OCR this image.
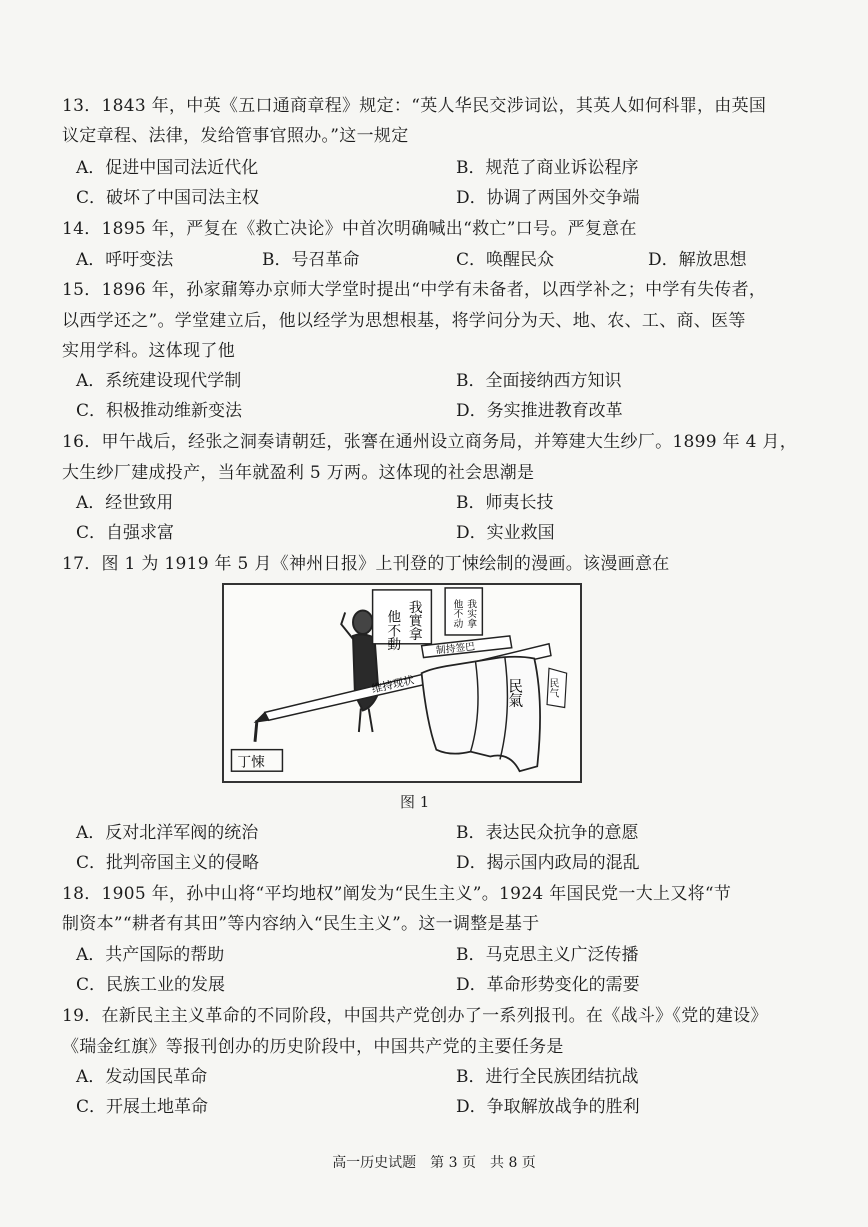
13．1843 年，中英《五口通商章程》规定：“英人华民交涉词讼，其英人如何科罪，由英国
议定章程、法律，发给管事官照办。”这一规定
A．促进中国司法近代化	B．规范了商业诉讼程序
C．破坏了中国司法主权	D．协调了两国外交争端
14．1895 年，严复在《救亡决论》中首次明确喊出“救亡”口号。严复意在
A．呼吁变法	B．号召革命	C．唤醒民众	D．解放思想
15．1896 年，孙家鼐筹办京师大学堂时提出“中学有未备者，以西学补之；中学有失传者，
以西学还之”。学堂建立后，他以经学为思想根基，将学问分为天、地、农、工、商、医等
实用学科。这体现了他
A．系统建设现代学制	B．全面接纳西方知识
C．积极推动维新变法	D．务实推进教育改革
16．甲午战后，经张之洞奏请朝廷，张謇在通州设立商务局，并筹建大生纱厂。1899 年 4 月，
大生纱厂建成投产，当年就盈利 5 万两。这体现的社会思潮是
A．经世致用	B．师夷长技
C．自强求富	D．实业救国
17．图 1 为 1919 年 5 月《神州日报》上刊登的丁悚绘制的漫画。该漫画意在
他不動 我實拿	他不动 我实拿
制持签巴
维持现状	民氣 民气
丁悚
图 1
A．反对北洋军阀的统治	B．表达民众抗争的意愿
C．批判帝国主义的侵略	D．揭示国内政局的混乱
18．1905 年，孙中山将“平均地权”阐发为“民生主义”。1924 年国民党一大上又将“节
制资本”“耕者有其田”等内容纳入“民生主义”。这一调整是基于
A．共产国际的帮助	B．马克思主义广泛传播
C．民族工业的发展	D．革命形势变化的需要
19．在新民主主义革命的不同阶段，中国共产党创办了一系列报刊。在《战斗》《党的建设》
《瑞金红旗》等报刊创办的历史阶段中，中国共产党的主要任务是
A．发动国民革命	B．进行全民族团结抗战
C．开展土地革命	D．争取解放战争的胜利
高一历史试题　第 3 页　共 8 页
